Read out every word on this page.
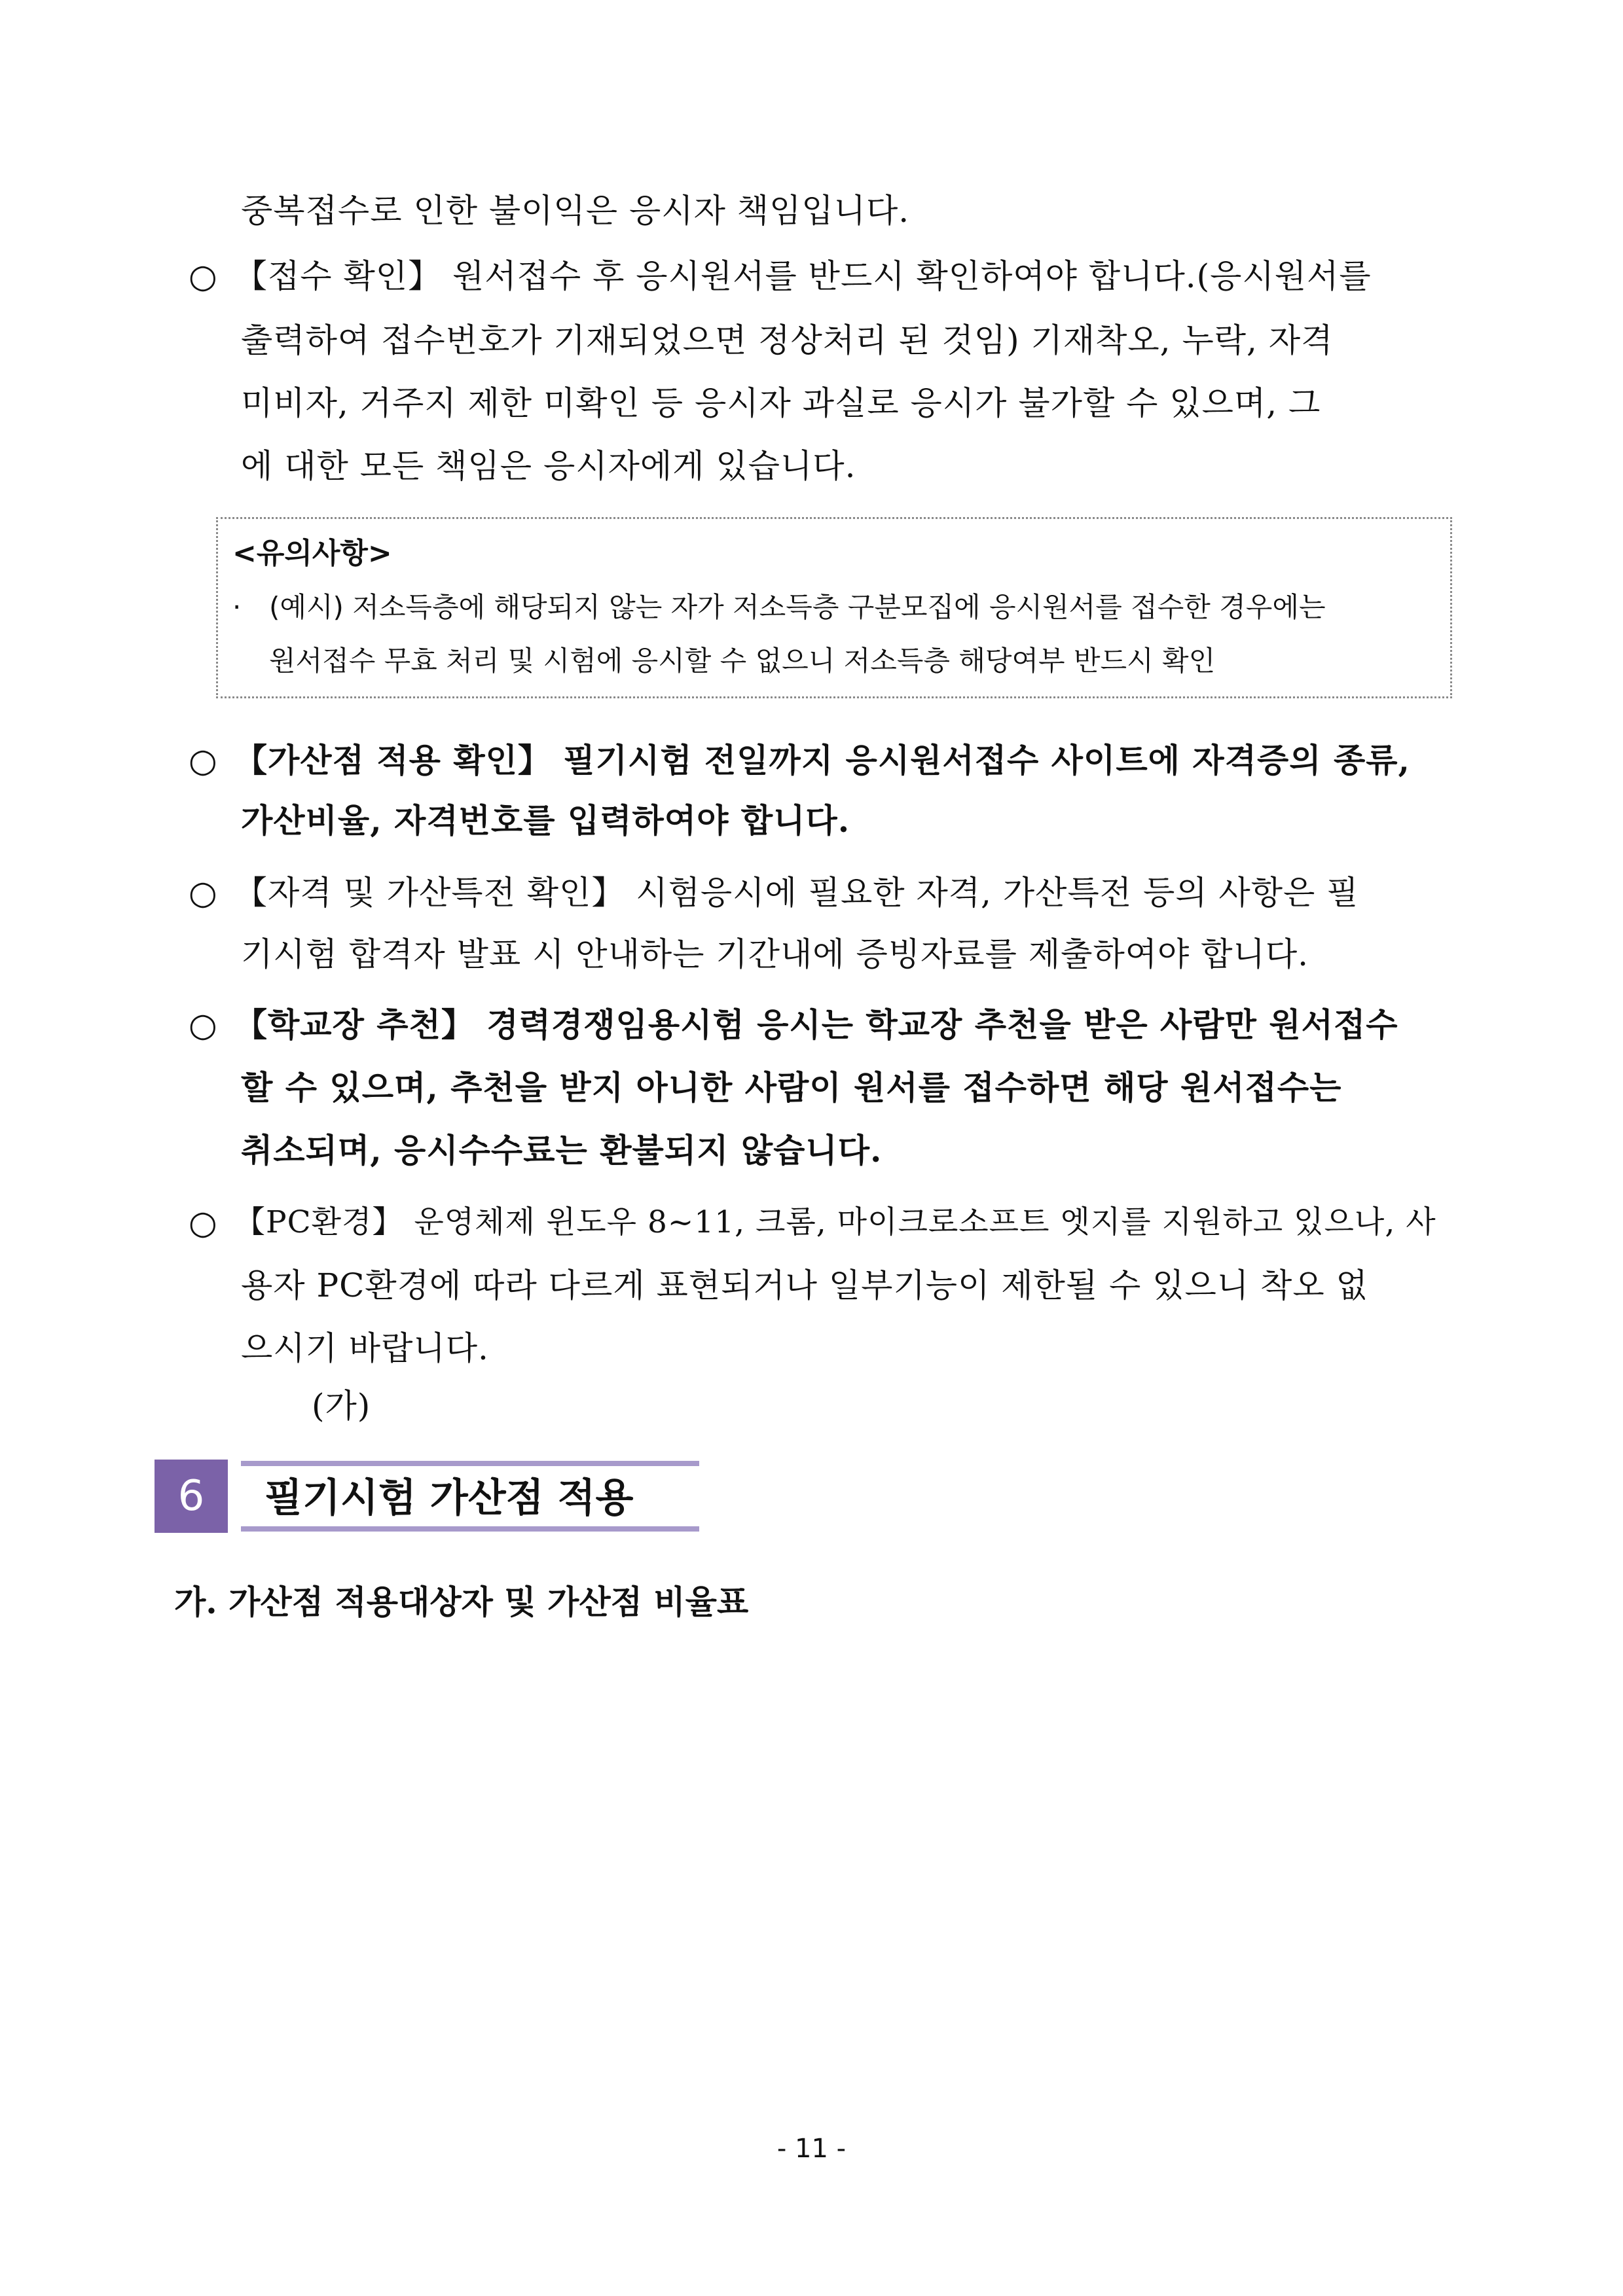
중복접수로 인한 불이익은 응시자 책임입니다.
○ 【접수 확인】 원서접수 후 응시원서를 반드시 확인하여야 합니다.(응시원서를
출력하여 접수번호가 기재되었으면 정상처리 된 것임) 기재착오, 누락, 자격
미비자, 거주지 제한 미확인 등 응시자 과실로 응시가 불가할 수 있으며, 그
에 대한 모든 책임은 응시자에게 있습니다.
<유의사항>
· (예시) 저소득층에 해당되지 않는 자가 저소득층 구분모집에 응시원서를 접수한 경우에는
원서접수 무효 처리 및 시험에 응시할 수 없으니 저소득층 해당여부 반드시 확인
○ 【가산점 적용 확인】 필기시험 전일까지 응시원서접수 사이트에 자격증의 종류,
가산비율, 자격번호를 입력하여야 합니다.
○ 【자격 및 가산특전 확인】 시험응시에 필요한 자격, 가산특전 등의 사항은 필
기시험 합격자 발표 시 안내하는 기간내에 증빙자료를 제출하여야 합니다.
○ 【학교장 추천】 경력경쟁임용시험 응시는 학교장 추천을 받은 사람만 원서접수
할 수 있으며, 추천을 받지 아니한 사람이 원서를 접수하면 해당 원서접수는
취소되며, 응시수수료는 환불되지 않습니다.
○ 【PC환경】 운영체제 윈도우 8~11, 크롬, 마이크로소프트 엣지를 지원하고 있으나, 사
용자 PC환경에 따라 다르게 표현되거나 일부기능이 제한될 수 있으니 착오 없
으시기 바랍니다.
(가)
6	필기시험 가산점 적용
가. 가산점 적용대상자 및 가산점 비율표
- 11 -
